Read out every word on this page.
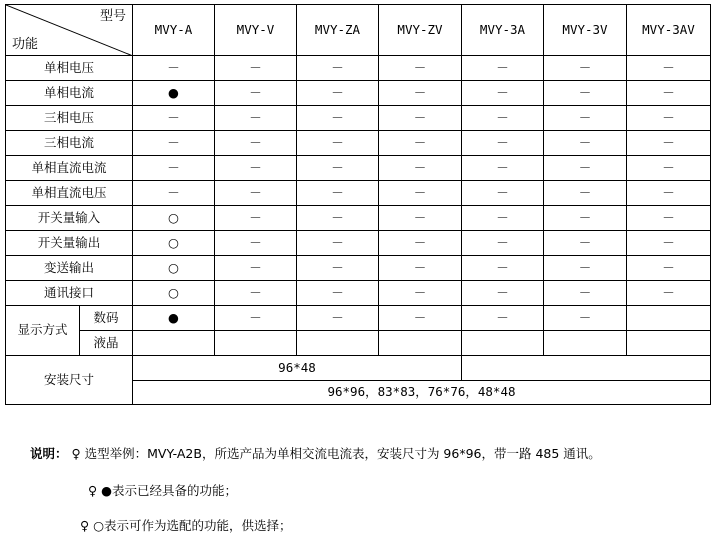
型号
功能		MVY-A	MVY-V	MVY-ZA	MVY-ZV	MVY-3A	MVY-3V	MVY-3AV
单相电压		－	－	－	－	－	－	－
单相电流		●	－	－	－	－	－	－
三相电压		－	－	－	－	－	－	－
三相电流		－	－	－	－	－	－	－
单相直流电流		－	－	－	－	－	－	－
单相直流电压		－	－	－	－	－	－	－
开关量输入		○	－	－	－	－	－	－
开关量输出		○	－	－	－	－	－	－
变送输出		○	－	－	－	－	－	－
通讯接口		○	－	－	－	－	－	－
显示方式	数码	●	－	－	－	－	－	
	液晶							
安装尺寸		96*48						
		96*96，83*83，76*76，48*48						
说明： ♀ 选型举例：MVY-A2B，所选产品为单相交流电流表，安装尺寸为 96*96，带一路 485 通讯。
♀ ●表示已经具备的功能；
♀ ○表示可作为选配的功能，供选择；
